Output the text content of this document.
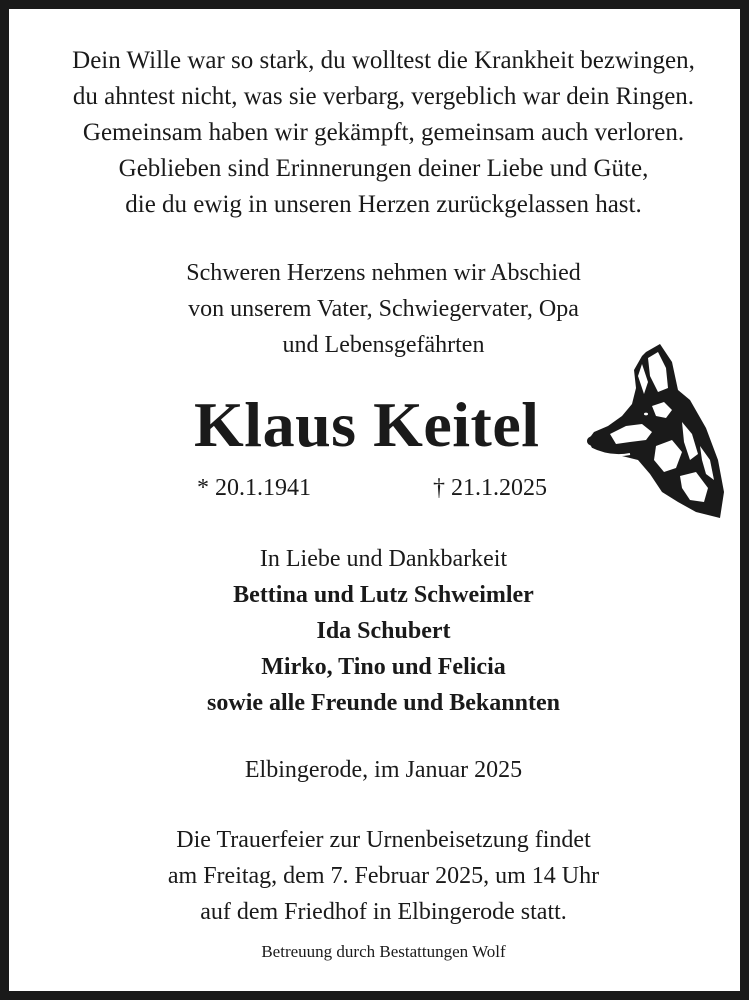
Dein Wille war so stark, du wolltest die Krankheit bezwingen,
du ahntest nicht, was sie verbarg, vergeblich war dein Ringen.
Gemeinsam haben wir gekämpft, gemeinsam auch verloren.
Geblieben sind Erinnerungen deiner Liebe und Güte,
die du ewig in unseren Herzen zurückgelassen hast.
Schweren Herzens nehmen wir Abschied
von unserem Vater, Schwiegervater, Opa
und Lebensgefährten
Klaus Keitel
* 20.1.1941	† 21.1.2025
In Liebe und Dankbarkeit
Bettina und Lutz Schweimler
Ida Schubert
Mirko, Tino und Felicia
sowie alle Freunde und Bekannten
Elbingerode, im Januar 2025
Die Trauerfeier zur Urnenbeisetzung findet
am Freitag, dem 7. Februar 2025, um 14 Uhr
auf dem Friedhof in Elbingerode statt.
Betreuung durch Bestattungen Wolf
